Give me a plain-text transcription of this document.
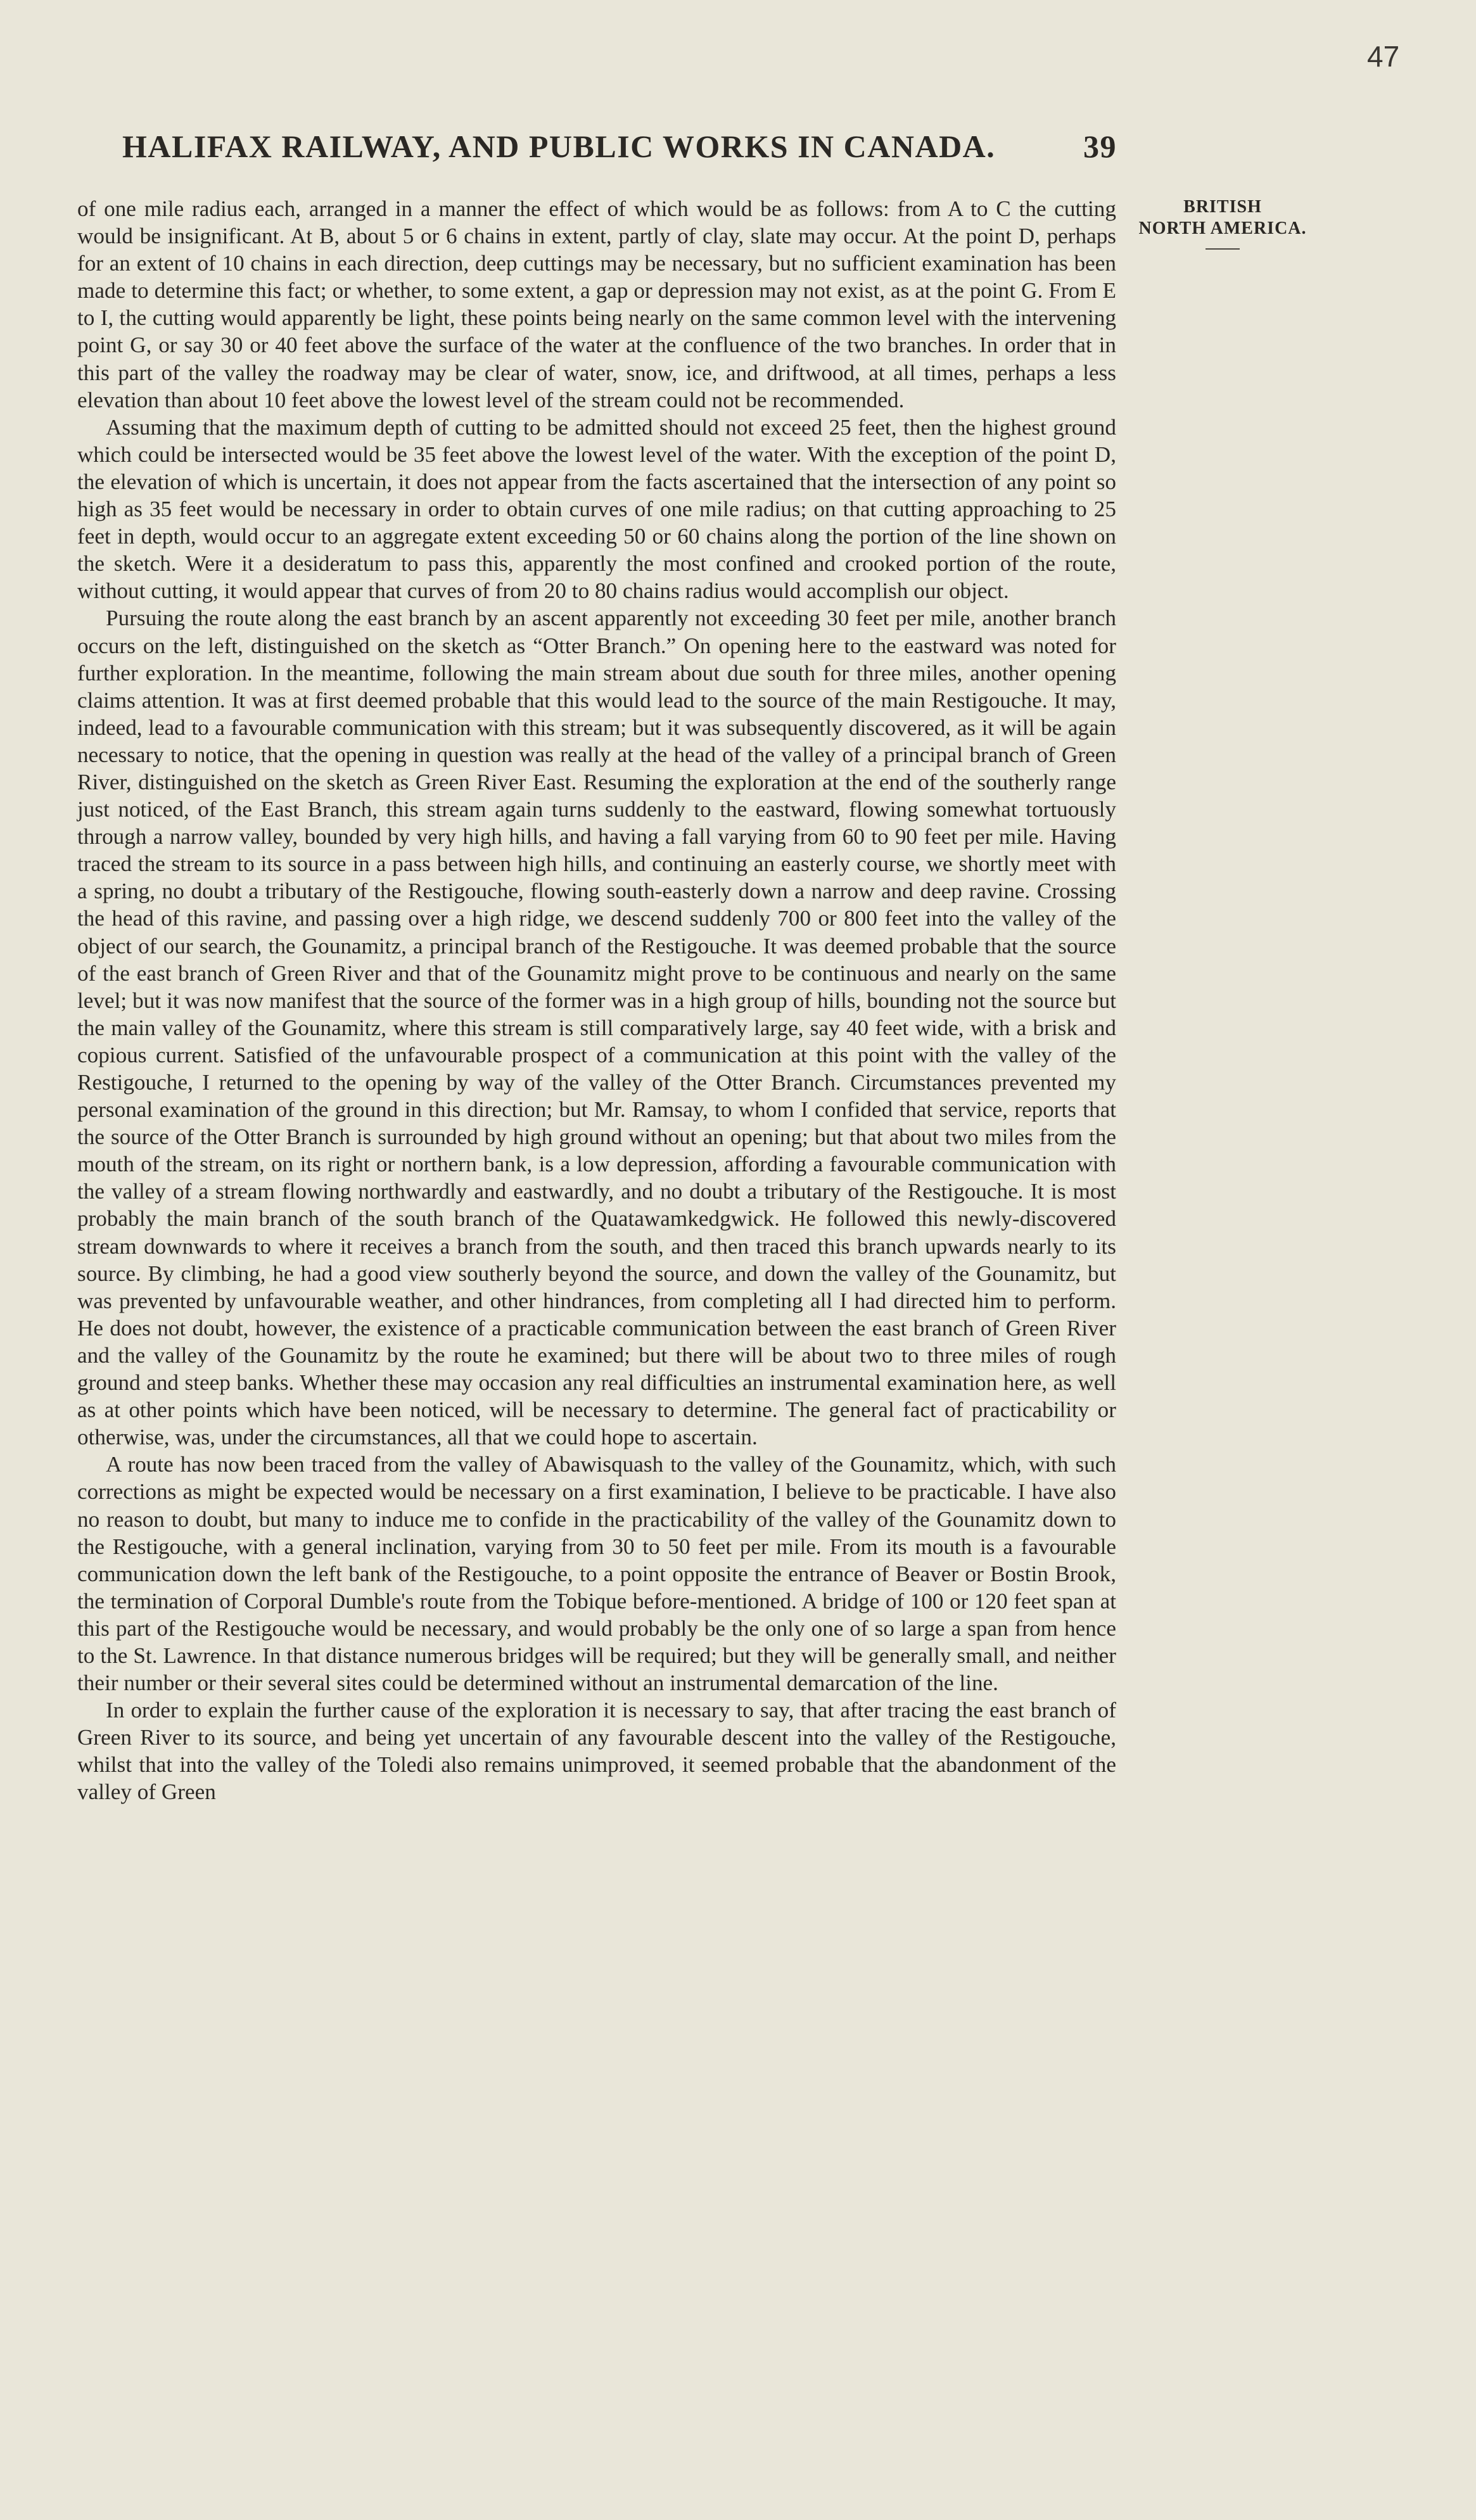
47
HALIFAX RAILWAY, AND PUBLIC WORKS IN CANADA.	39
BRITISH
NORTH AMERICA.

of one mile radius each, arranged in a manner the effect of which would be as follows: from A to C the cutting would be insignificant. At B, about 5 or 6 chains in extent, partly of clay, slate may occur. At the point D, perhaps for an extent of 10 chains in each direction, deep cuttings may be necessary, but no sufficient examination has been made to determine this fact; or whether, to some extent, a gap or depression may not exist, as at the point G. From E to I, the cutting would apparently be light, these points being nearly on the same common level with the intervening point G, or say 30 or 40 feet above the surface of the water at the confluence of the two branches. In order that in this part of the valley the roadway may be clear of water, snow, ice, and driftwood, at all times, perhaps a less elevation than about 10 feet above the lowest level of the stream could not be recommended.

Assuming that the maximum depth of cutting to be admitted should not exceed 25 feet, then the highest ground which could be intersected would be 35 feet above the lowest level of the water. With the exception of the point D, the elevation of which is uncertain, it does not appear from the facts ascertained that the intersection of any point so high as 35 feet would be necessary in order to obtain curves of one mile radius; on that cutting approaching to 25 feet in depth, would occur to an aggregate extent exceeding 50 or 60 chains along the portion of the line shown on the sketch. Were it a desideratum to pass this, apparently the most confined and crooked portion of the route, without cutting, it would appear that curves of from 20 to 80 chains radius would accomplish our object.

Pursuing the route along the east branch by an ascent apparently not exceeding 30 feet per mile, another branch occurs on the left, distinguished on the sketch as “Otter Branch.” On opening here to the eastward was noted for further exploration. In the meantime, following the main stream about due south for three miles, another opening claims attention. It was at first deemed probable that this would lead to the source of the main Restigouche. It may, indeed, lead to a favourable communication with this stream; but it was subsequently discovered, as it will be again necessary to notice, that the opening in question was really at the head of the valley of a principal branch of Green River, distinguished on the sketch as Green River East. Resuming the exploration at the end of the southerly range just noticed, of the East Branch, this stream again turns suddenly to the eastward, flowing somewhat tortuously through a narrow valley, bounded by very high hills, and having a fall varying from 60 to 90 feet per mile. Having traced the stream to its source in a pass between high hills, and continuing an easterly course, we shortly meet with a spring, no doubt a tributary of the Restigouche, flowing south-easterly down a narrow and deep ravine. Crossing the head of this ravine, and passing over a high ridge, we descend suddenly 700 or 800 feet into the valley of the object of our search, the Gounamitz, a principal branch of the Restigouche. It was deemed probable that the source of the east branch of Green River and that of the Gounamitz might prove to be continuous and nearly on the same level; but it was now manifest that the source of the former was in a high group of hills, bounding not the source but the main valley of the Gounamitz, where this stream is still comparatively large, say 40 feet wide, with a brisk and copious current. Satisfied of the unfavourable prospect of a communication at this point with the valley of the Restigouche, I returned to the opening by way of the valley of the Otter Branch. Circumstances prevented my personal examination of the ground in this direction; but Mr. Ramsay, to whom I confided that service, reports that the source of the Otter Branch is surrounded by high ground without an opening; but that about two miles from the mouth of the stream, on its right or northern bank, is a low depression, affording a favourable communication with the valley of a stream flowing northwardly and eastwardly, and no doubt a tributary of the Restigouche. It is most probably the main branch of the south branch of the Quatawamkedgwick. He followed this newly-discovered stream downwards to where it receives a branch from the south, and then traced this branch upwards nearly to its source. By climbing, he had a good view southerly beyond the source, and down the valley of the Gounamitz, but was prevented by unfavourable weather, and other hindrances, from completing all I had directed him to perform. He does not doubt, however, the existence of a practicable communication between the east branch of Green River and the valley of the Gounamitz by the route he examined; but there will be about two to three miles of rough ground and steep banks. Whether these may occasion any real difficulties an instrumental examination here, as well as at other points which have been noticed, will be necessary to determine. The general fact of practicability or otherwise, was, under the circumstances, all that we could hope to ascertain.

A route has now been traced from the valley of Abawisquash to the valley of the Gounamitz, which, with such corrections as might be expected would be necessary on a first examination, I believe to be practicable. I have also no reason to doubt, but many to induce me to confide in the practicability of the valley of the Gounamitz down to the Restigouche, with a general inclination, varying from 30 to 50 feet per mile. From its mouth is a favourable communication down the left bank of the Restigouche, to a point opposite the entrance of Beaver or Bostin Brook, the termination of Corporal Dumble's route from the Tobique before-mentioned. A bridge of 100 or 120 feet span at this part of the Restigouche would be necessary, and would probably be the only one of so large a span from hence to the St. Lawrence. In that distance numerous bridges will be required; but they will be generally small, and neither their number or their several sites could be determined without an instrumental demarcation of the line.

In order to explain the further cause of the exploration it is necessary to say, that after tracing the east branch of Green River to its source, and being yet uncertain of any favourable descent into the valley of the Restigouche, whilst that into the valley of the Toledi also remains unimproved, it seemed probable that the abandonment of the valley of Green
